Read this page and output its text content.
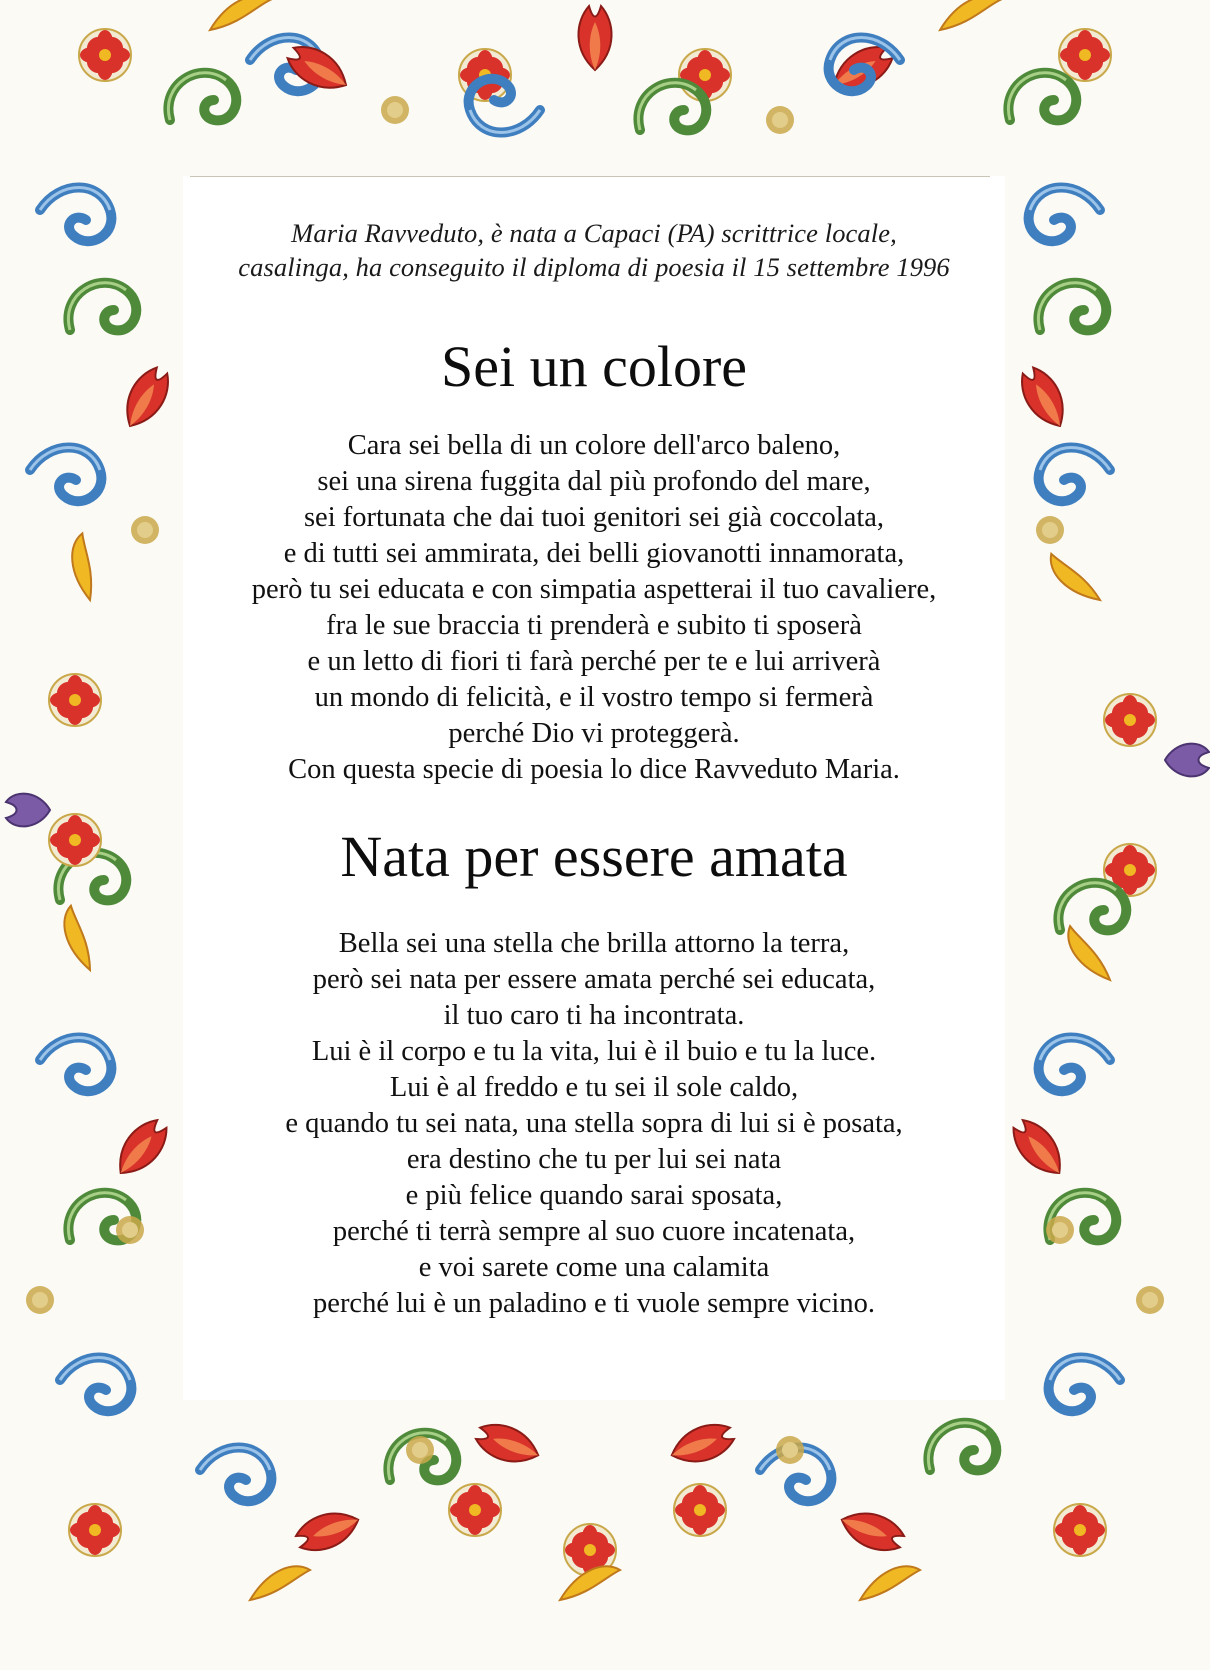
Maria Ravveduto, è nata a Capaci (PA) scrittrice locale,
casalinga, ha conseguito il diploma di poesia il 15 settembre 1996
Sei un colore
Cara sei bella di un colore dell'arco baleno,
sei una sirena fuggita dal più profondo del mare,
sei fortunata che dai tuoi genitori sei già coccolata,
e di tutti sei ammirata, dei belli giovanotti innamorata,
però tu sei educata e con simpatia aspetterai il tuo cavaliere,
fra le sue braccia ti prenderà e subito ti sposerà
e un letto di fiori ti farà perché per te e lui arriverà
un mondo di felicità, e il vostro tempo si fermerà
perché Dio vi proteggerà.
Con questa specie di poesia lo dice Ravveduto Maria.
Nata per essere amata
Bella sei una stella che brilla attorno la terra,
però sei nata per essere amata perché sei educata,
il tuo caro ti ha incontrata.
Lui è il corpo e tu la vita, lui è il buio e tu la luce.
Lui è al freddo e tu sei il sole caldo,
e quando tu sei nata, una stella sopra di lui si è posata,
era destino che tu per lui sei nata
e più felice quando sarai sposata,
perché ti terrà sempre al suo cuore incatenata,
e voi sarete come una calamita
perché lui è un paladino e ti vuole sempre vicino.
